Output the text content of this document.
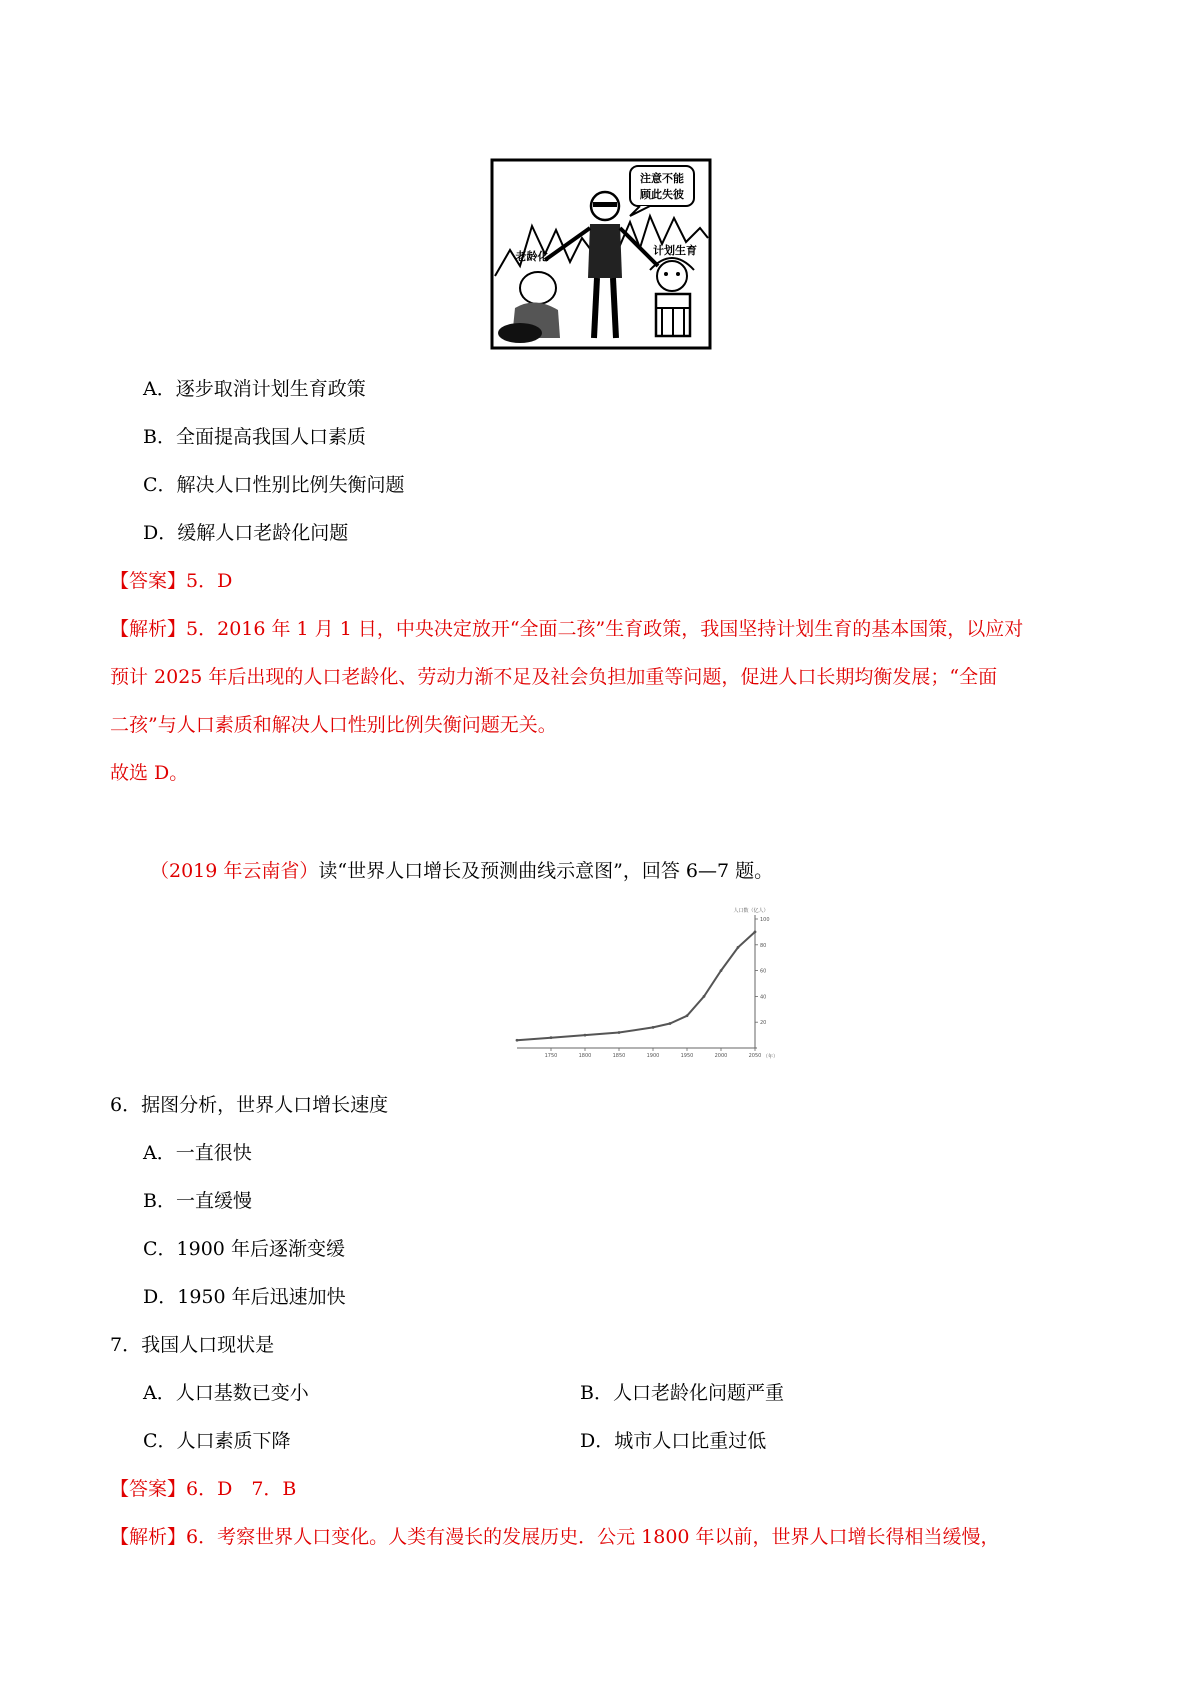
注意不能
顾此失彼
老龄化	计划生育
A．逐步取消计划生育政策
B．全面提高我国人口素质
C．解决人口性别比例失衡问题
D．缓解人口老龄化问题
【答案】5．D
【解析】5．2016 年 1 月 1 日，中央决定放开“全面二孩”生育政策，我国坚持计划生育的基本国策，以应对
预计 2025 年后出现的人口老龄化、劳动力渐不足及社会负担加重等问题，促进人口长期均衡发展；“全面
二孩”与人口素质和解决人口性别比例失衡问题无关。
故选 D。
（2019 年云南省）读“世界人口增长及预测曲线示意图”，回答 6—7 题。
人口数（亿人）
（年）
1750	1800	1850	1900	1950	2000	2050
20
40
60
80
100
6．据图分析，世界人口增长速度
A．一直很快
B．一直缓慢
C．1900 年后逐渐变缓
D．1950 年后迅速加快
7．我国人口现状是
A．人口基数已变小	B．人口老龄化问题严重
C．人口素质下降	D．城市人口比重过低
【答案】6．D　7．B
【解析】6．考察世界人口变化。人类有漫长的发展历史．公元 1800 年以前，世界人口增长得相当缓慢，
